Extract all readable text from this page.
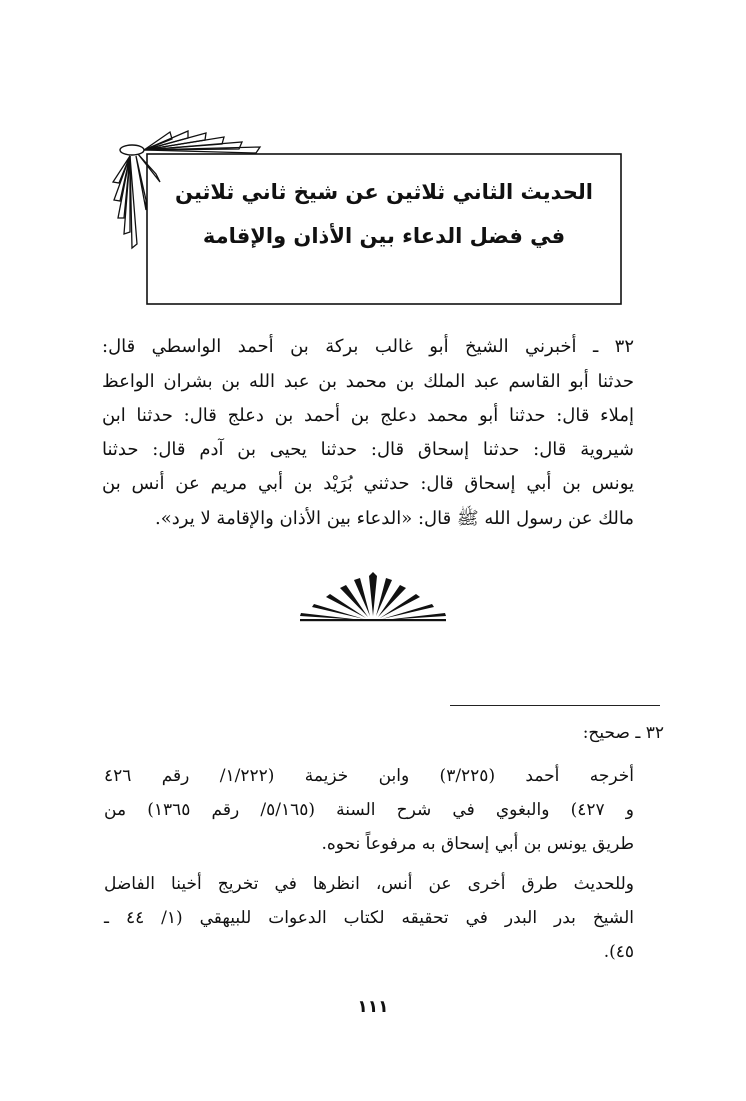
الحديث الثاني ثلاثين عن شيخ ثاني ثلاثين
في فضل الدعاء بين الأذان والإقامة
٣٢ ـ أخبرني الشيخ أبو غالب بركة بن أحمد الواسطي قال:
حدثنا أبو القاسم عبد الملك بن محمد بن عبد الله بن بشران الواعظ
إملاء قال: حدثنا أبو محمد دعلج بن أحمد بن دعلج قال: حدثنا ابن
شيروية قال: حدثنا إسحاق قال: حدثنا يحيى بن آدم قال: حدثنا
يونس بن أبي إسحاق قال: حدثني بُرَيْد بن أبي مريم عن أنس بن
مالك عن رسول الله ﷺ قال: «الدعاء بين الأذان والإقامة لا يرد».
٣٢ ـ صحيح:
أخرجه أحمد (٣/٢٢٥) وابن خزيمة (١/٢٢٢/ رقم ٤٢٦
و ٤٢٧) والبغوي في شرح السنة (٥/١٦٥/ رقم ١٣٦٥) من
طريق يونس بن أبي إسحاق به مرفوعاً نحوه.
وللحديث طرق أخرى عن أنس، انظرها في تخريج أخينا الفاضل
الشيخ بدر البدر في تحقيقه لكتاب الدعوات للبيهقي (١/ ٤٤ ـ
٤٥).
١١١
